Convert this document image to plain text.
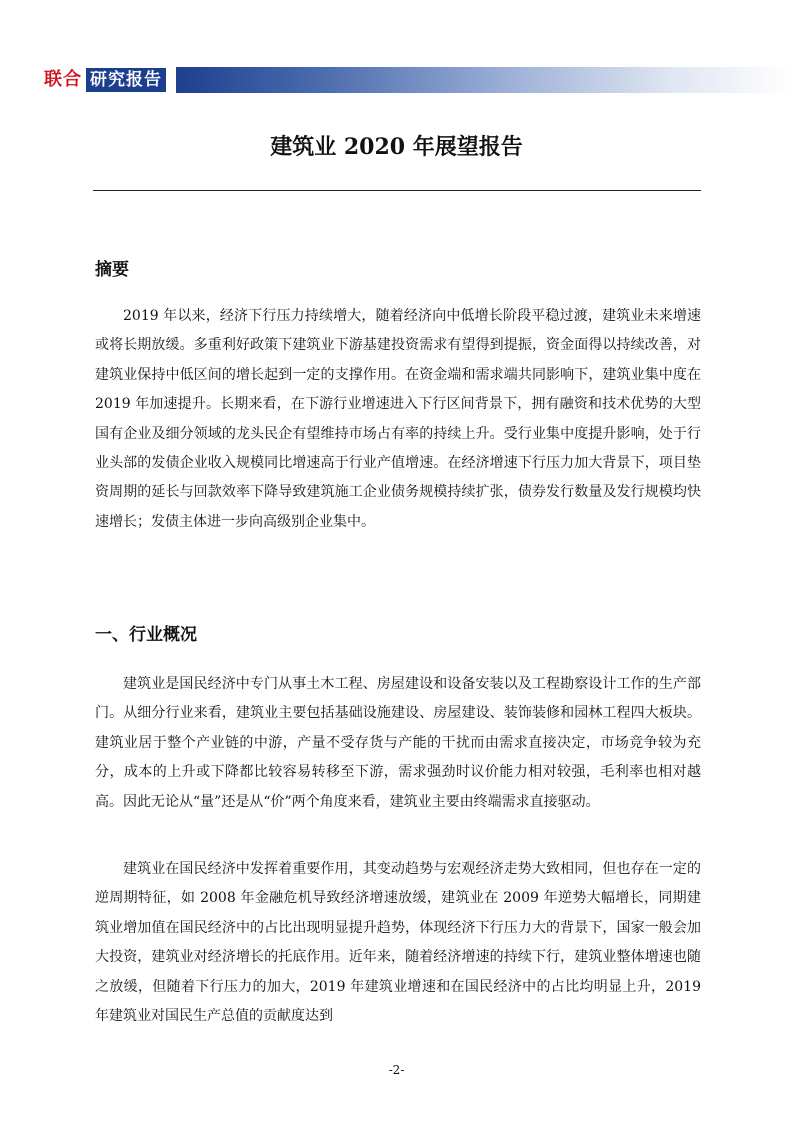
联合 研究报告
建筑业 2020 年展望报告
摘要

2019 年以来，经济下行压力持续增大，随着经济向中低增长阶段平稳过渡，建筑业未来增速或将长期放缓。多重利好政策下建筑业下游基建投资需求有望得到提振，资金面得以持续改善，对建筑业保持中低区间的增长起到一定的支撑作用。在资金端和需求端共同影响下，建筑业集中度在 2019 年加速提升。长期来看，在下游行业增速进入下行区间背景下，拥有融资和技术优势的大型国有企业及细分领域的龙头民企有望维持市场占有率的持续上升。受行业集中度提升影响，处于行业头部的发债企业收入规模同比增速高于行业产值增速。在经济增速下行压力加大背景下，项目垫资周期的延长与回款效率下降导致建筑施工企业债务规模持续扩张，债券发行数量及发行规模均快速增长；发债主体进一步向高级别企业集中。

一、行业概况

建筑业是国民经济中专门从事土木工程、房屋建设和设备安装以及工程勘察设计工作的生产部门。从细分行业来看，建筑业主要包括基础设施建设、房屋建设、装饰装修和园林工程四大板块。建筑业居于整个产业链的中游，产量不受存货与产能的干扰而由需求直接决定，市场竞争较为充分，成本的上升或下降都比较容易转移至下游，需求强劲时议价能力相对较强，毛利率也相对越高。因此无论从“量”还是从“价”两个角度来看，建筑业主要由终端需求直接驱动。

建筑业在国民经济中发挥着重要作用，其变动趋势与宏观经济走势大致相同，但也存在一定的逆周期特征，如 2008 年金融危机导致经济增速放缓，建筑业在 2009 年逆势大幅增长，同期建筑业增加值在国民经济中的占比出现明显提升趋势，体现经济下行压力大的背景下，国家一般会加大投资，建筑业对经济增长的托底作用。近年来，随着经济增速的持续下行，建筑业整体增速也随之放缓，但随着下行压力的加大，2019 年建筑业增速和在国民经济中的占比均明显上升，2019 年建筑业对国民生产总值的贡献度达到

-2-
